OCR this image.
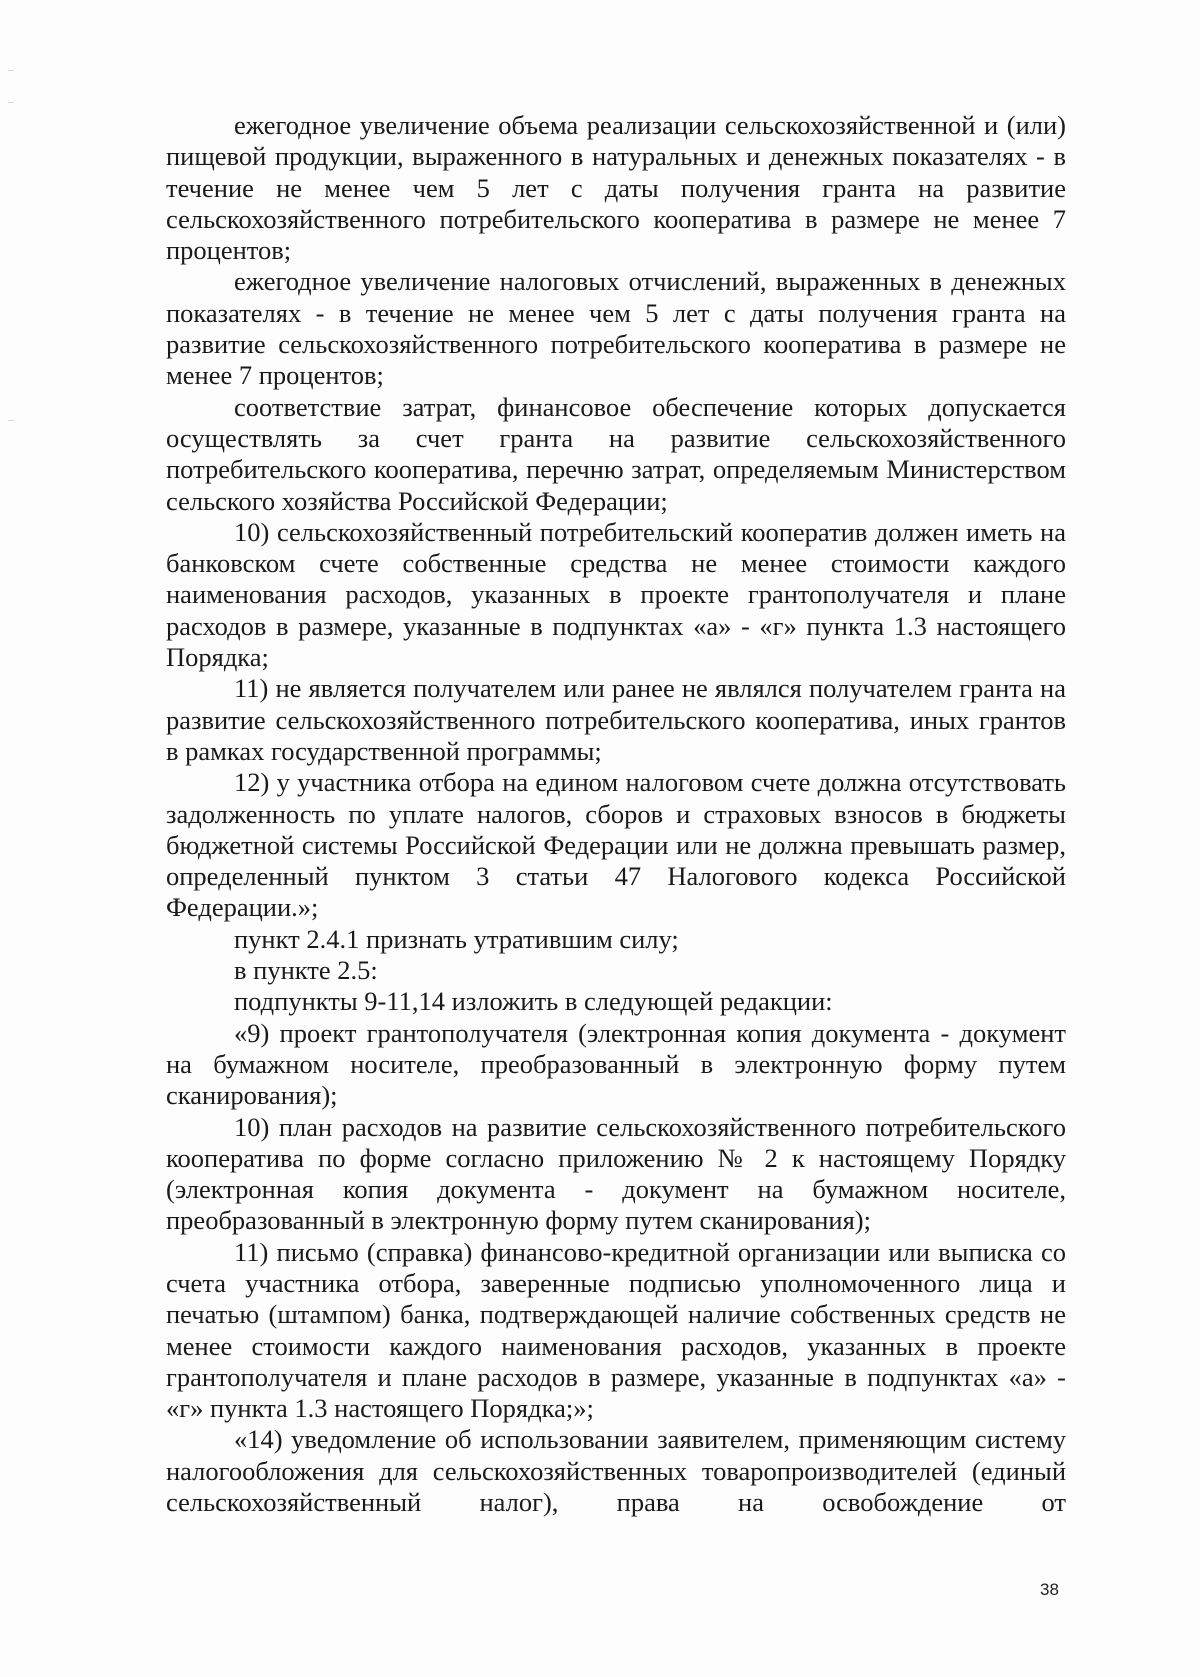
ежегодное увеличение объема реализации сельскохозяйственной и (или) пищевой продукции, выраженного в натуральных и денежных показателях - в течение не менее чем 5 лет с даты получения гранта на развитие сельскохозяйственного потребительского кооператива в размере не менее 7 процентов;

ежегодное увеличение налоговых отчислений, выраженных в денежных показателях - в течение не менее чем 5 лет с даты получения гранта на развитие сельскохозяйственного потребительского кооператива в размере не менее 7 процентов;

соответствие затрат, финансовое обеспечение которых допускается осуществлять за счет гранта на развитие сельскохозяйственного потребительского кооператива, перечню затрат, определяемым Министерством сельского хозяйства Российской Федерации;

10) сельскохозяйственный потребительский кооператив должен иметь на банковском счете собственные средства не менее стоимости каждого наименования расходов, указанных в проекте грантополучателя и плане расходов в размере, указанные в подпунктах «а» - «г» пункта 1.3 настоящего Порядка;

11) не является получателем или ранее не являлся получателем гранта на развитие сельскохозяйственного потребительского кооператива, иных грантов в рамках государственной программы;

12) у участника отбора на едином налоговом счете должна отсутствовать задолженность по уплате налогов, сборов и страховых взносов в бюджеты бюджетной системы Российской Федерации или не должна превышать размер, определенный пунктом 3 статьи 47 Налогового кодекса Российской Федерации.»;

пункт 2.4.1 признать утратившим силу;

в пункте 2.5:

подпункты 9-11,14 изложить в следующей редакции:

«9) проект грантополучателя (электронная копия документа - документ на бумажном носителе, преобразованный в электронную форму путем сканирования);

10) план расходов на развитие сельскохозяйственного потребительского кооператива по форме согласно приложению № 2 к настоящему Порядку (электронная копия документа - документ на бумажном носителе, преобразованный в электронную форму путем сканирования);

11) письмо (справка) финансово-кредитной организации или выписка со счета участника отбора, заверенные подписью уполномоченного лица и печатью (штампом) банка, подтверждающей наличие собственных средств не менее стоимости каждого наименования расходов, указанных в проекте грантополучателя и плане расходов в размере, указанные в подпунктах «а» - «г» пункта 1.3 настоящего Порядка;»;

«14) уведомление об использовании заявителем, применяющим систему налогообложения для сельскохозяйственных товаропроизводителей (единый сельскохозяйственный налог), права на освобождение от

38
